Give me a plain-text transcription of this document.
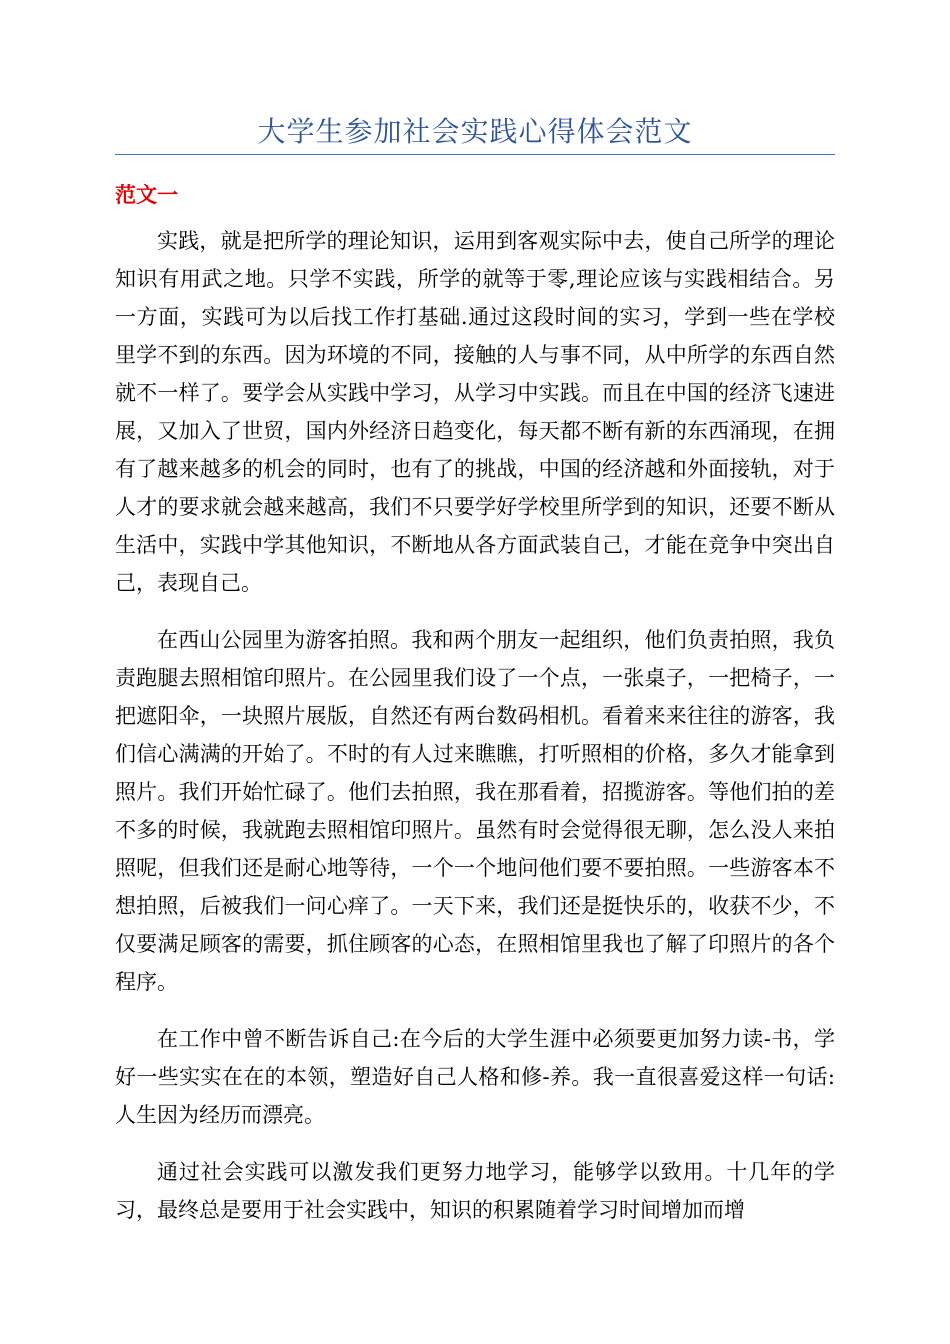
大学生参加社会实践心得体会范文
范文一

实践，就是把所学的理论知识，运用到客观实际中去，使自己所学的理论知识有用武之地。只学不实践，所学的就等于零,理论应该与实践相结合。另一方面，实践可为以后找工作打基础.通过这段时间的实习，学到一些在学校里学不到的东西。因为环境的不同，接触的人与事不同，从中所学的东西自然就不一样了。要学会从实践中学习，从学习中实践。而且在中国的经济飞速进展，又加入了世贸，国内外经济日趋变化，每天都不断有新的东西涌现，在拥有了越来越多的机会的同时，也有了的挑战，中国的经济越和外面接轨，对于人才的要求就会越来越高，我们不只要学好学校里所学到的知识，还要不断从生活中，实践中学其他知识，不断地从各方面武装自己，才能在竞争中突出自己，表现自己。

在西山公园里为游客拍照。我和两个朋友一起组织，他们负责拍照，我负责跑腿去照相馆印照片。在公园里我们设了一个点，一张桌子，一把椅子，一把遮阳伞，一块照片展版，自然还有两台数码相机。看着来来往往的游客，我们信心满满的开始了。不时的有人过来瞧瞧，打听照相的价格，多久才能拿到照片。我们开始忙碌了。他们去拍照，我在那看着，招揽游客。等他们拍的差不多的时候，我就跑去照相馆印照片。虽然有时会觉得很无聊，怎么没人来拍照呢，但我们还是耐心地等待，一个一个地问他们要不要拍照。一些游客本不想拍照，后被我们一问心痒了。一天下来，我们还是挺快乐的，收获不少，不仅要满足顾客的需要，抓住顾客的心态，在照相馆里我也了解了印照片的各个程序。

在工作中曾不断告诉自己:在今后的大学生涯中必须要更加努力读-书，学好一些实实在在的本领，塑造好自己人格和修-养。我一直很喜爱这样一句话:人生因为经历而漂亮。

通过社会实践可以激发我们更努力地学习，能够学以致用。十几年的学习，最终总是要用于社会实践中，知识的积累随着学习时间增加而增
